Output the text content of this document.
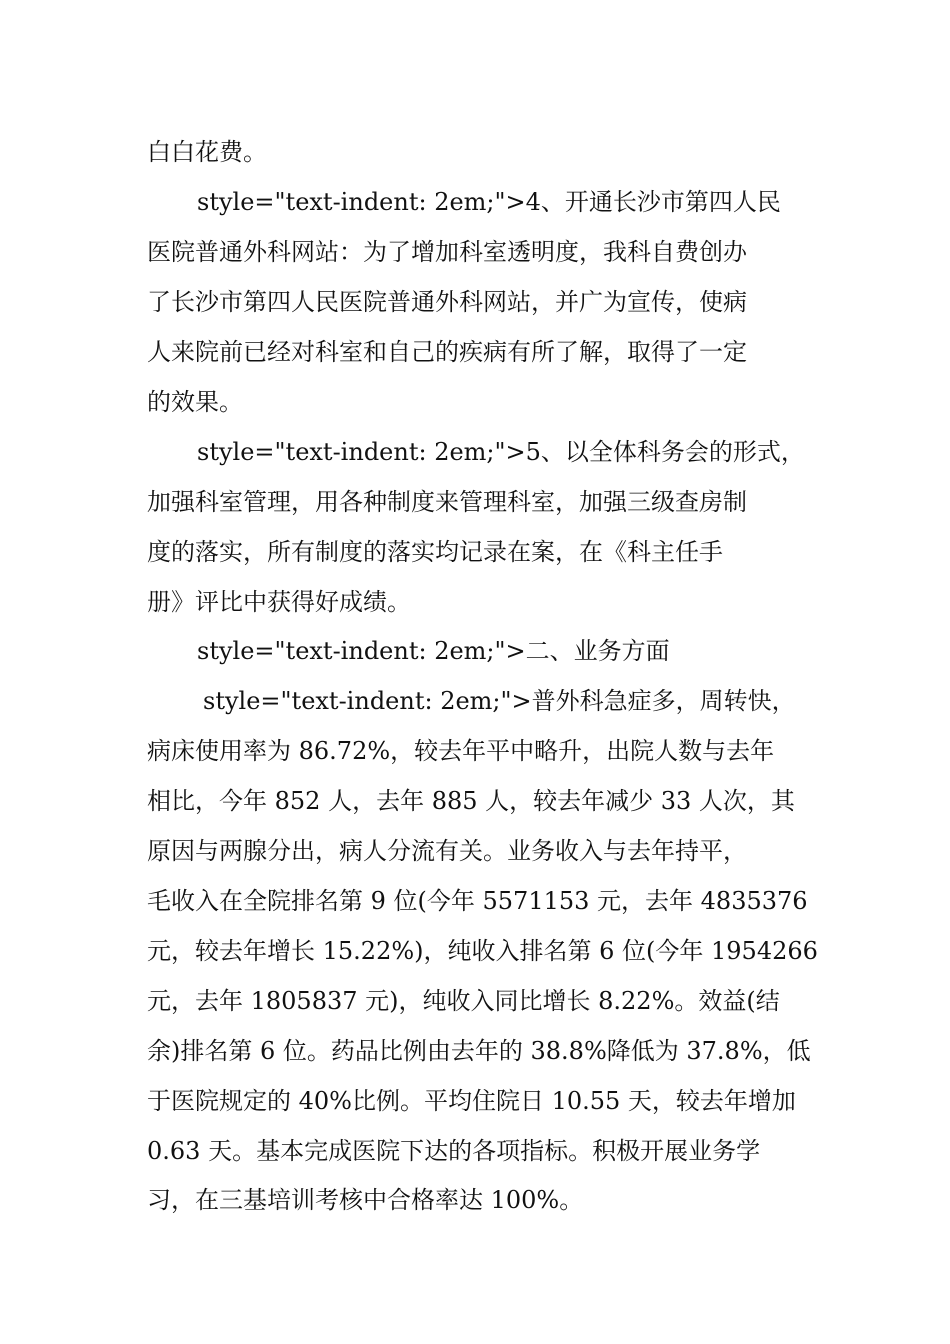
白白花费。
style="text-indent: 2em;">4、开通长沙市第四人民
医院普通外科网站：为了增加科室透明度，我科自费创办
了长沙市第四人民医院普通外科网站，并广为宣传，使病
人来院前已经对科室和自己的疾病有所了解，取得了一定
的效果。
style="text-indent: 2em;">5、以全体科务会的形式，
加强科室管理，用各种制度来管理科室，加强三级查房制
度的落实，所有制度的落实均记录在案，在《科主任手
册》评比中获得好成绩。
style="text-indent: 2em;">二、业务方面
style="text-indent: 2em;">普外科急症多，周转快，
病床使用率为 86.72%，较去年平中略升，出院人数与去年
相比，今年 852 人，去年 885 人，较去年减少 33 人次，其
原因与两腺分出，病人分流有关。业务收入与去年持平，
毛收入在全院排名第 9 位(今年 5571153 元，去年 4835376
元，较去年增长 15.22%)，纯收入排名第 6 位(今年 1954266
元，去年 1805837 元)，纯收入同比增长 8.22%。效益(结
余)排名第 6 位。药品比例由去年的 38.8%降低为 37.8%，低
于医院规定的 40%比例。平均住院日 10.55 天，较去年增加
0.63 天。基本完成医院下达的各项指标。积极开展业务学
习，在三基培训考核中合格率达 100%。
